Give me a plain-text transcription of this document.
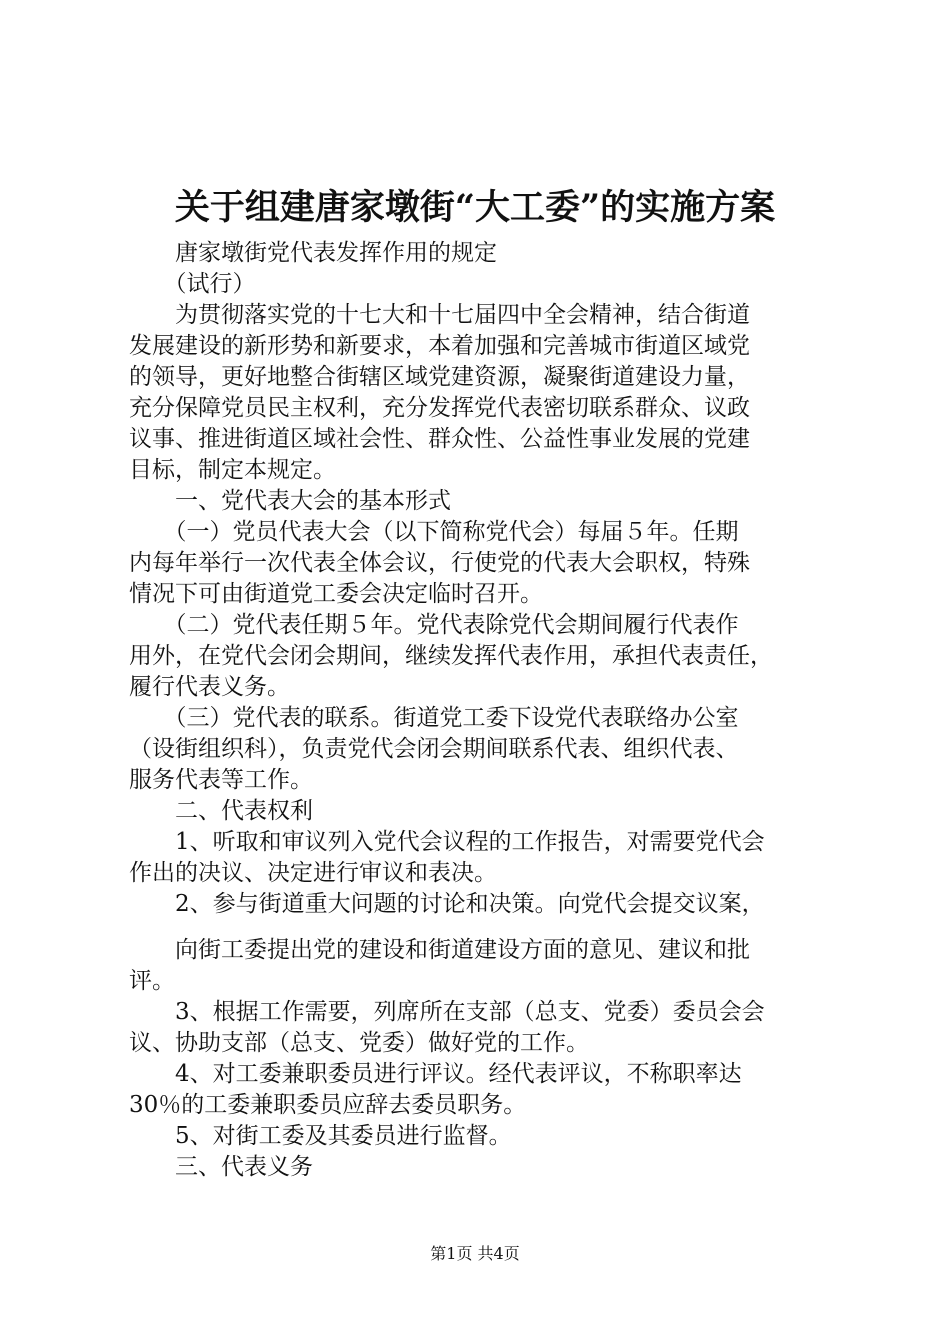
关于组建唐家墩街“大工委”的实施方案
　　唐家墩街党代表发挥作用的规定
　　（试行）
　　为贯彻落实党的十七大和十七届四中全会精神，结合街道
发展建设的新形势和新要求，本着加强和完善城市街道区域党
的领导，更好地整合街辖区域党建资源，凝聚街道建设力量，
充分保障党员民主权利，充分发挥党代表密切联系群众、议政
议事、推进街道区域社会性、群众性、公益性事业发展的党建
目标，制定本规定。
　　一、党代表大会的基本形式
　　（一）党员代表大会（以下简称党代会）每届５年。任期
内每年举行一次代表全体会议，行使党的代表大会职权，特殊
情况下可由街道党工委会决定临时召开。
　　（二）党代表任期５年。党代表除党代会期间履行代表作
用外，在党代会闭会期间，继续发挥代表作用，承担代表责任，
履行代表义务。
　　（三）党代表的联系。街道党工委下设党代表联络办公室
（设街组织科），负责党代会闭会期间联系代表、组织代表、
服务代表等工作。
　　二、代表权利
　　1、听取和审议列入党代会议程的工作报告，对需要党代会
作出的决议、决定进行审议和表决。
　　2、参与街道重大问题的讨论和决策。向党代会提交议案，
　　向街工委提出党的建设和街道建设方面的意见、建议和批
评。
　　3、根据工作需要，列席所在支部（总支、党委）委员会会
议、协助支部（总支、党委）做好党的工作。
　　4、对工委兼职委员进行评议。经代表评议，不称职率达
30％的工委兼职委员应辞去委员职务。
　　5、对街工委及其委员进行监督。
　　三、代表义务
第1页 共4页
